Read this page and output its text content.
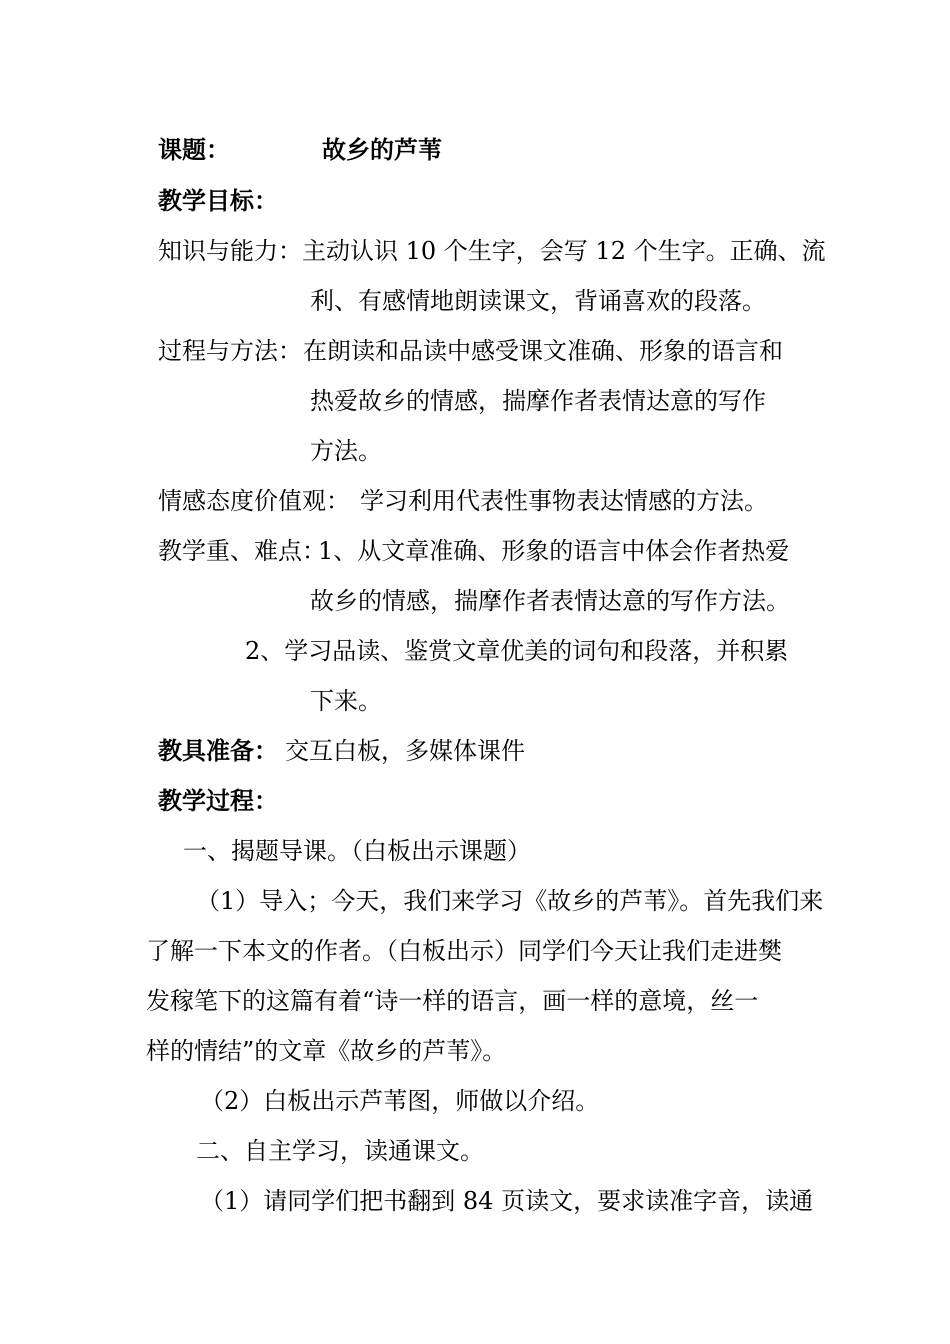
课题：	故乡的芦苇
教学目标：
知识与能力： 主动认识 10 个生字，会写 12 个生字。正确、流
利、有感情地朗读课文，背诵喜欢的段落。
过程与方法： 在朗读和品读中感受课文准确、形象的语言和
热爱故乡的情感，揣摩作者表情达意的写作
方法。
情感态度价值观： 学习利用代表性事物表达情感的方法。
教学重、难点：
1、从文章准确、形象的语言中体会作者热爱
故乡的情感，揣摩作者表情达意的写作方法。
2、学习品读、鉴赏文章优美的词句和段落，并积累
下来。
教具准备： 交互白板，多媒体课件
教学过程：
一、揭题导课。（白板出示课题）
（1）导入；今天，我们来学习《故乡的芦苇》。首先我们来
了解一下本文的作者。（白板出示）同学们今天让我们走进樊
发稼笔下的这篇有着“诗一样的语言，画一样的意境，丝一
样的情结”的文章《故乡的芦苇》。
（2）白板出示芦苇图，师做以介绍。
二、自主学习，读通课文。
（1）请同学们把书翻到 84 页读文，要求读准字音，读通
